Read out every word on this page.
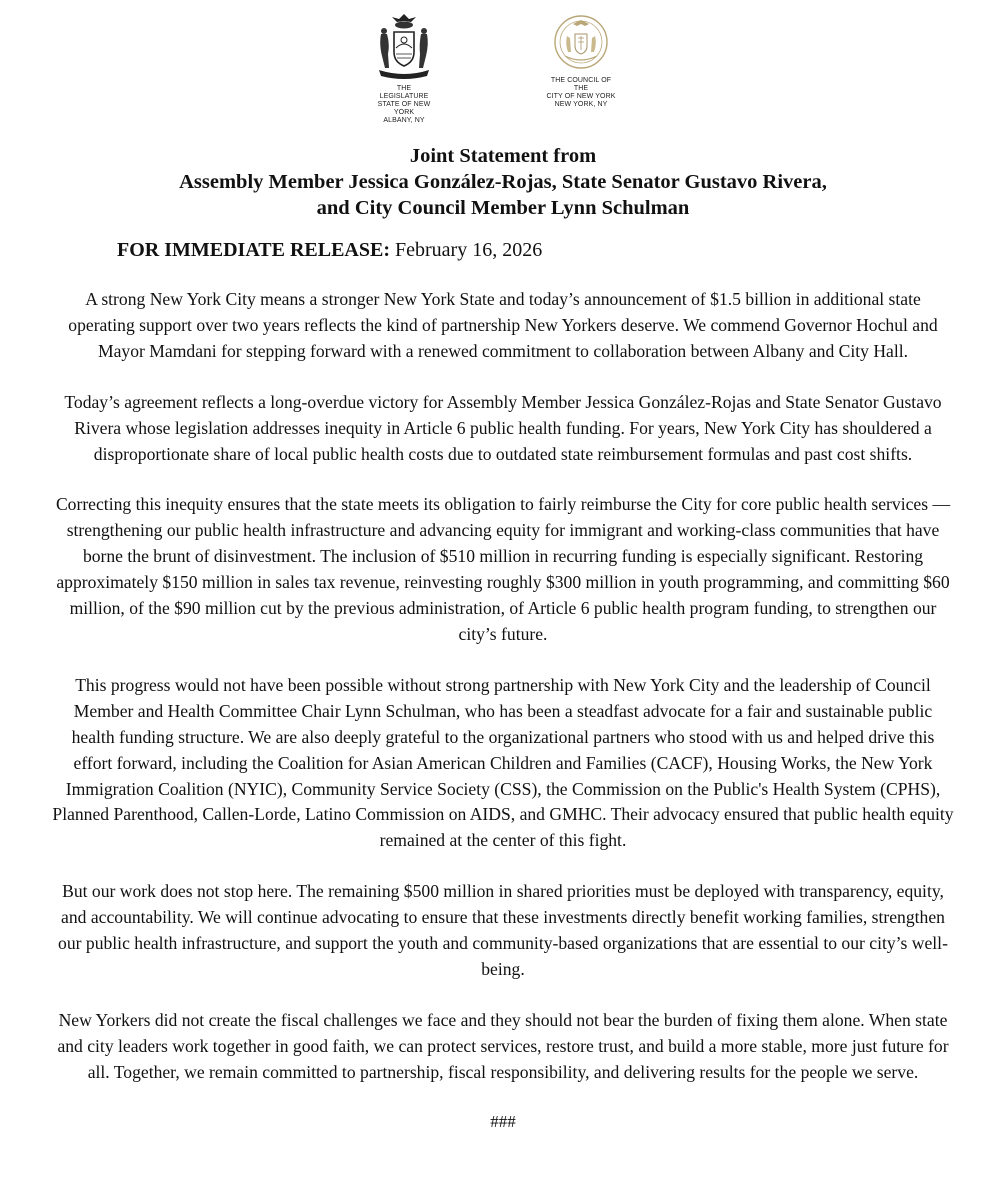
THE LEGISLATURE
STATE OF NEW YORK
ALBANY, NY
THE COUNCIL OF THE
CITY OF NEW YORK
NEW YORK, NY
Joint Statement from
Assembly Member Jessica González-Rojas, State Senator Gustavo Rivera,
and City Council Member Lynn Schulman
FOR IMMEDIATE RELEASE: February 16, 2026

A strong New York City means a stronger New York State and today’s announcement of $1.5 billion in additional state operating support over two years reflects the kind of partnership New Yorkers deserve. We commend Governor Hochul and Mayor Mamdani for stepping forward with a renewed commitment to collaboration between Albany and City Hall.

Today’s agreement reflects a long-overdue victory for Assembly Member Jessica González-Rojas and State Senator Gustavo Rivera whose legislation addresses inequity in Article 6 public health funding. For years, New York City has shouldered a disproportionate share of local public health costs due to outdated state reimbursement formulas and past cost shifts.

Correcting this inequity ensures that the state meets its obligation to fairly reimburse the City for core public health services — strengthening our public health infrastructure and advancing equity for immigrant and working-class communities that have borne the brunt of disinvestment. The inclusion of $510 million in recurring funding is especially significant. Restoring approximately $150 million in sales tax revenue, reinvesting roughly $300 million in youth programming, and committing $60 million, of the $90 million cut by the previous administration, of Article 6 public health program funding, to strengthen our city’s future.

This progress would not have been possible without strong partnership with New York City and the leadership of Council Member and Health Committee Chair Lynn Schulman, who has been a steadfast advocate for a fair and sustainable public health funding structure. We are also deeply grateful to the organizational partners who stood with us and helped drive this effort forward, including the Coalition for Asian American Children and Families (CACF), Housing Works, the New York Immigration Coalition (NYIC), Community Service Society (CSS), the Commission on the Public's Health System (CPHS), Planned Parenthood, Callen-Lorde, Latino Commission on AIDS, and GMHC. Their advocacy ensured that public health equity remained at the center of this fight.

But our work does not stop here. The remaining $500 million in shared priorities must be deployed with transparency, equity, and accountability. We will continue advocating to ensure that these investments directly benefit working families, strengthen our public health infrastructure, and support the youth and community-based organizations that are essential to our city’s well-being.

New Yorkers did not create the fiscal challenges we face and they should not bear the burden of fixing them alone. When state and city leaders work together in good faith, we can protect services, restore trust, and build a more stable, more just future for all. Together, we remain committed to partnership, fiscal responsibility, and delivering results for the people we serve.

###
